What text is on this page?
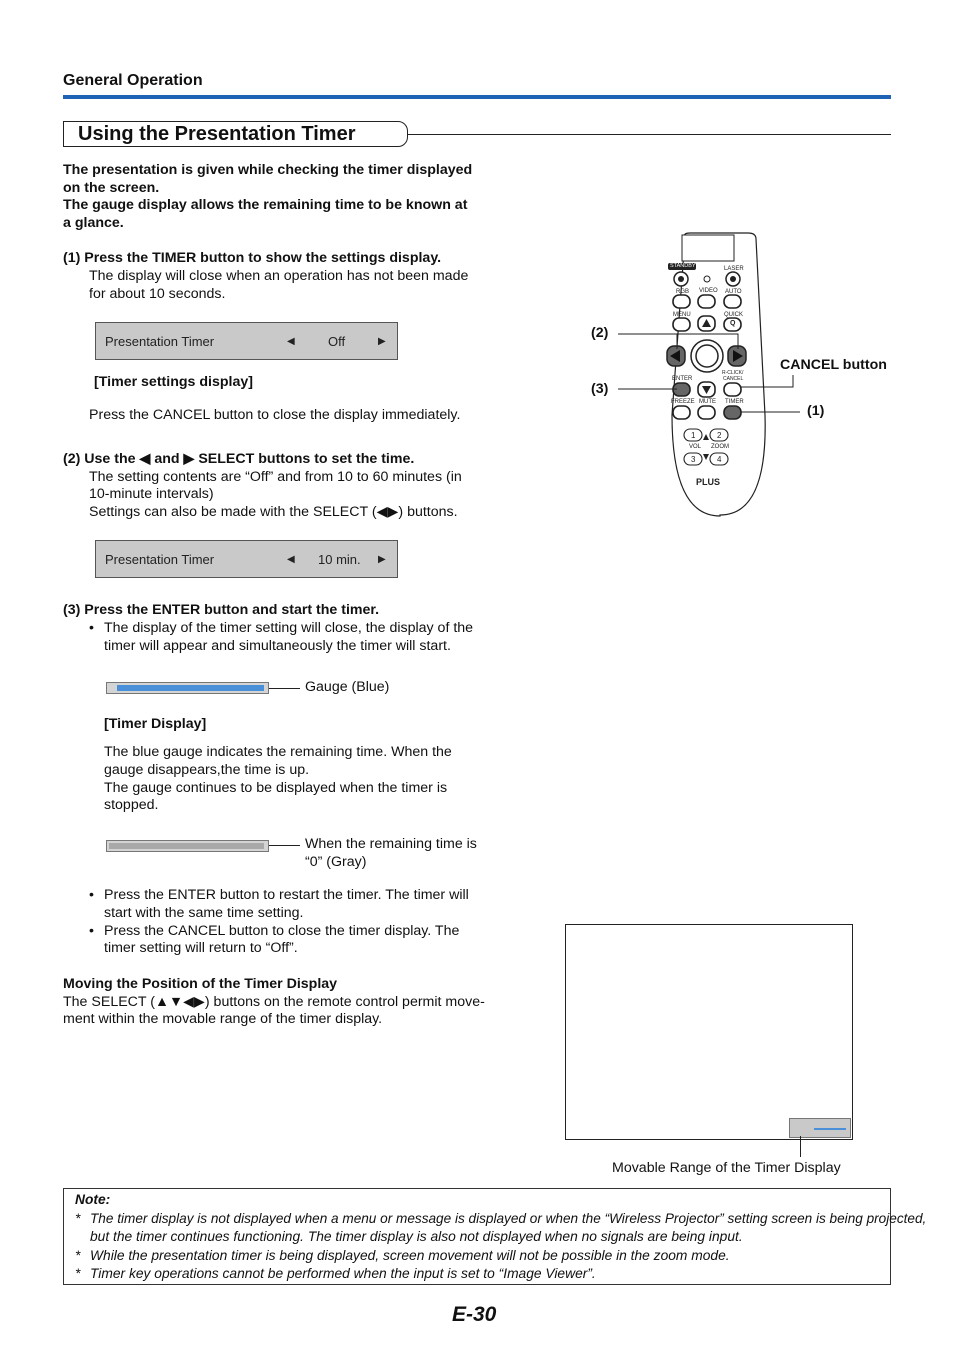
General Operation
Using the Presentation Timer
The presentation is given while checking the timer displayed
on the screen.
The gauge display allows the remaining time to be known at
a glance.
(1) Press the TIMER button to show the settings display.
The display will close when an operation has not been made
for about 10 seconds.
Presentation Timer	◀	Off	▶
[Timer settings display]
Press the CANCEL button to close the display immediately.
(2) Use the ◀ and ▶ SELECT buttons to set the time.
The setting contents are “Off” and from 10 to 60 minutes (in
10-minute intervals)
Settings can also be made with the SELECT (◀▶) buttons.
Presentation Timer	◀ 10 min. ▶
(3) Press the ENTER button and start the timer.
• The display of the timer setting will close, the display of the
timer will appear and simultaneously the timer will start.
Gauge (Blue)
[Timer Display]
The blue gauge indicates the remaining time. When the
gauge disappears,the time is up.
The gauge continues to be displayed when the timer is
stopped.
When the remaining time is
“0” (Gray)
• Press the ENTER button to restart the timer. The timer will
start with the same time setting.
• Press the CANCEL button to close the timer display. The
timer setting will return to “Off”.
Moving the Position of the Timer Display
The SELECT (▲▼◀▶) buttons on the remote control permit move-
ment within the movable range of the timer display.
STANDBY	LASER
RGB VIDEO AUTO
MENU	QUICK
Q
ENTER
R-CLICK/
CANCEL
FREEZE MUTE TIMER
1	2
3	4
VOL ZOOM
PLUS
(2)
(3)
CANCEL button
(1)
Movable Range of the Timer Display
Note:
* The timer display is not displayed when a menu or message is displayed or when the “Wireless Projector” setting screen is being projected,
but the timer continues functioning. The timer display is also not displayed when no signals are being input.
* While the presentation timer is being displayed, screen movement will not be possible in the zoom mode.
* Timer key operations cannot be performed when the input is set to “Image Viewer”.
E-30
